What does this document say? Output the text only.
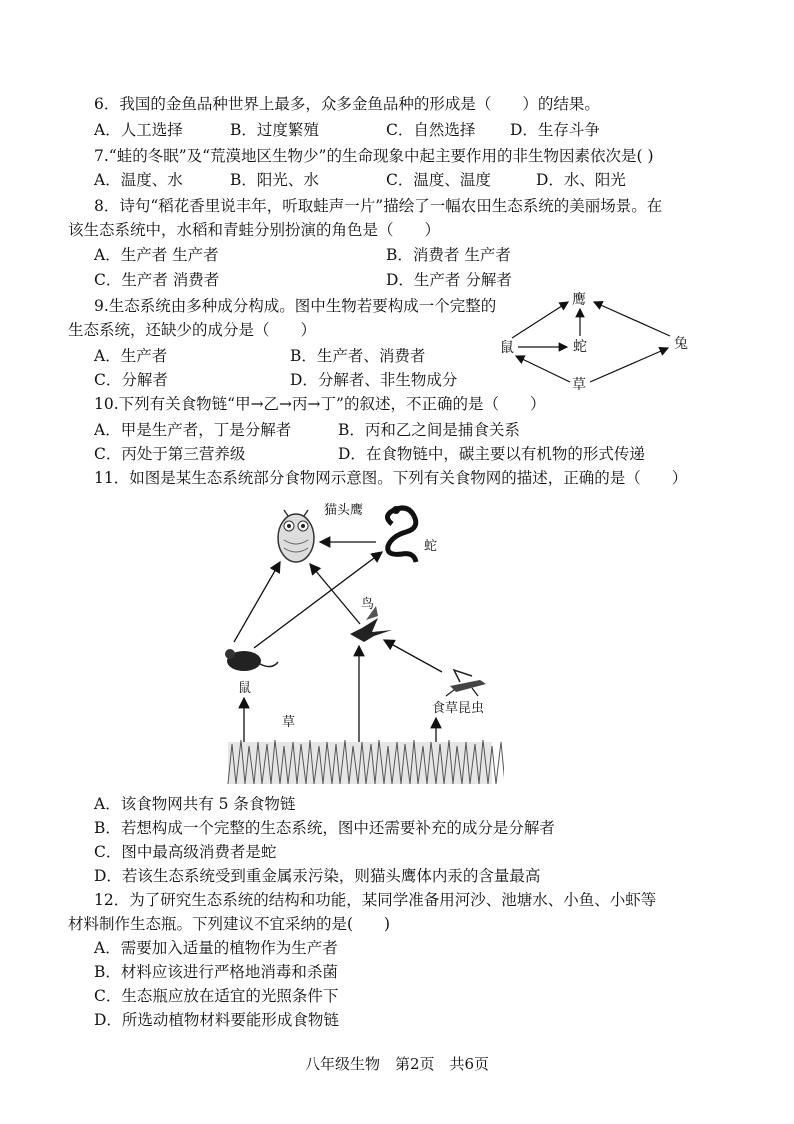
6．我国的金鱼品种世界上最多，众多金鱼品种的形成是（　　）的结果。
A．人工选择	B．过度繁殖	C．自然选择 D．生存斗争
7.“蛙的冬眠”及“荒漠地区生物少”的生命现象中起主要作用的非生物因素依次是( )
A．温度、水	B．阳光、水	C．温度、温度	D．水、阳光
8．诗句“稻花香里说丰年，听取蛙声一片”描绘了一幅农田生态系统的美丽场景。在
该生态系统中，水稻和青蛙分别扮演的角色是（　　）
A．生产者 生产者	B．消费者 生产者
C．生产者 消费者	D．生产者 分解者
9.生态系统由多种成分构成。图中生物若要构成一个完整的
生态系统，还缺少的成分是（　　）
A．生产者	B．生产者、消费者
C．分解者	D．分解者、非生物成分
鹰
蛇
鼠	兔
草
10.下列有关食物链“甲→乙→丙→丁”的叙述，不正确的是（　　）
A．甲是生产者，丁是分解者	B．丙和乙之间是捕食关系
C．丙处于第三营养级	D．在食物链中，碳主要以有机物的形式传递
11．如图是某生态系统部分食物网示意图。下列有关食物网的描述，正确的是（　　）
猫头鹰
蛇
鸟
鼠
食草昆虫
草
A．该食物网共有 5 条食物链
B．若想构成一个完整的生态系统，图中还需要补充的成分是分解者
C．图中最高级消费者是蛇
D．若该生态系统受到重金属汞污染，则猫头鹰体内汞的含量最高
12．为了研究生态系统的结构和功能，某同学准备用河沙、池塘水、小鱼、小虾等
材料制作生态瓶。下列建议不宜采纳的是(　　)
A．需要加入适量的植物作为生产者
B．材料应该进行严格地消毒和杀菌
C．生态瓶应放在适宜的光照条件下
D．所选动植物材料要能形成食物链
八年级生物　第2页　共6页
